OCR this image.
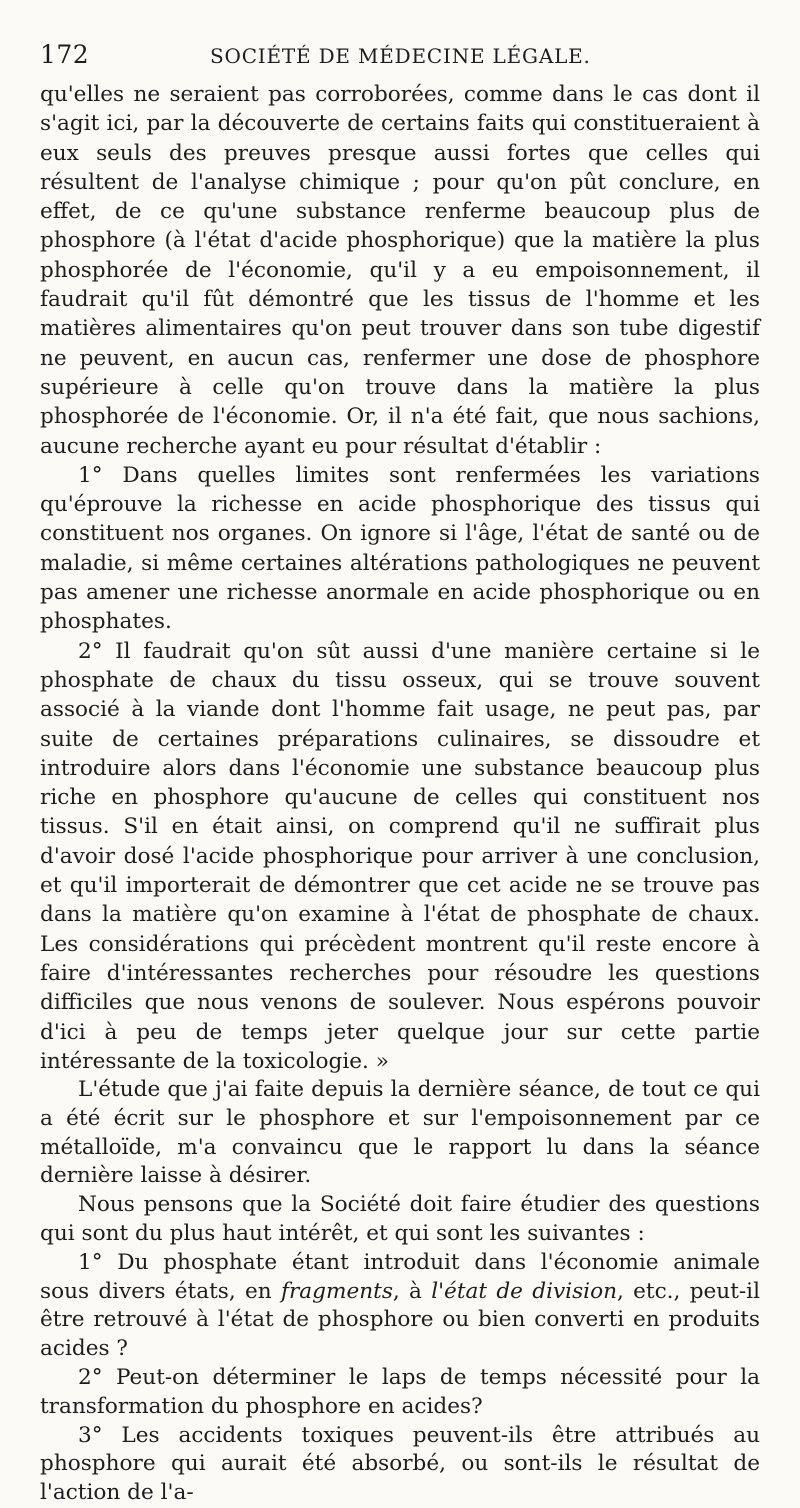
172	SOCIÉTÉ DE MÉDECINE LÉGALE.

qu'elles ne seraient pas corroborées, comme dans le cas dont il s'agit ici, par la découverte de certains faits qui constitueraient à eux seuls des preuves presque aussi fortes que celles qui résultent de l'analyse chimique ; pour qu'on pût conclure, en effet, de ce qu'une substance renferme beaucoup plus de phosphore (à l'état d'acide phosphorique) que la matière la plus phosphorée de l'économie, qu'il y a eu empoisonnement, il faudrait qu'il fût démontré que les tissus de l'homme et les matières alimentaires qu'on peut trouver dans son tube digestif ne peuvent, en aucun cas, renfermer une dose de phosphore supérieure à celle qu'on trouve dans la matière la plus phosphorée de l'économie. Or, il n'a été fait, que nous sachions, aucune recherche ayant eu pour résultat d'établir :

1° Dans quelles limites sont renfermées les variations qu'éprouve la richesse en acide phosphorique des tissus qui constituent nos organes. On ignore si l'âge, l'état de santé ou de maladie, si même certaines altérations pathologiques ne peuvent pas amener une richesse anormale en acide phosphorique ou en phosphates.

2° Il faudrait qu'on sût aussi d'une manière certaine si le phosphate de chaux du tissu osseux, qui se trouve souvent associé à la viande dont l'homme fait usage, ne peut pas, par suite de certaines préparations culinaires, se dissoudre et introduire alors dans l'économie une substance beaucoup plus riche en phosphore qu'aucune de celles qui constituent nos tissus. S'il en était ainsi, on comprend qu'il ne suffirait plus d'avoir dosé l'acide phosphorique pour arriver à une conclusion, et qu'il importerait de démontrer que cet acide ne se trouve pas dans la matière qu'on examine à l'état de phosphate de chaux. Les considérations qui précèdent montrent qu'il reste encore à faire d'intéressantes recherches pour résoudre les questions difficiles que nous venons de soulever. Nous espérons pouvoir d'ici à peu de temps jeter quelque jour sur cette partie intéressante de la toxicologie. »

L'étude que j'ai faite depuis la dernière séance, de tout ce qui a été écrit sur le phosphore et sur l'empoisonnement par ce métalloïde, m'a convaincu que le rapport lu dans la séance dernière laisse à désirer.

Nous pensons que la Société doit faire étudier des questions qui sont du plus haut intérêt, et qui sont les suivantes :

1° Du phosphate étant introduit dans l'économie animale sous divers états, en fragments, à l'état de division, etc., peut-il être retrouvé à l'état de phosphore ou bien converti en produits acides ?

2° Peut-on déterminer le laps de temps nécessité pour la transformation du phosphore en acides?

3° Les accidents toxiques peuvent-ils être attribués au phosphore qui aurait été absorbé, ou sont-ils le résultat de l'action de l'a-
